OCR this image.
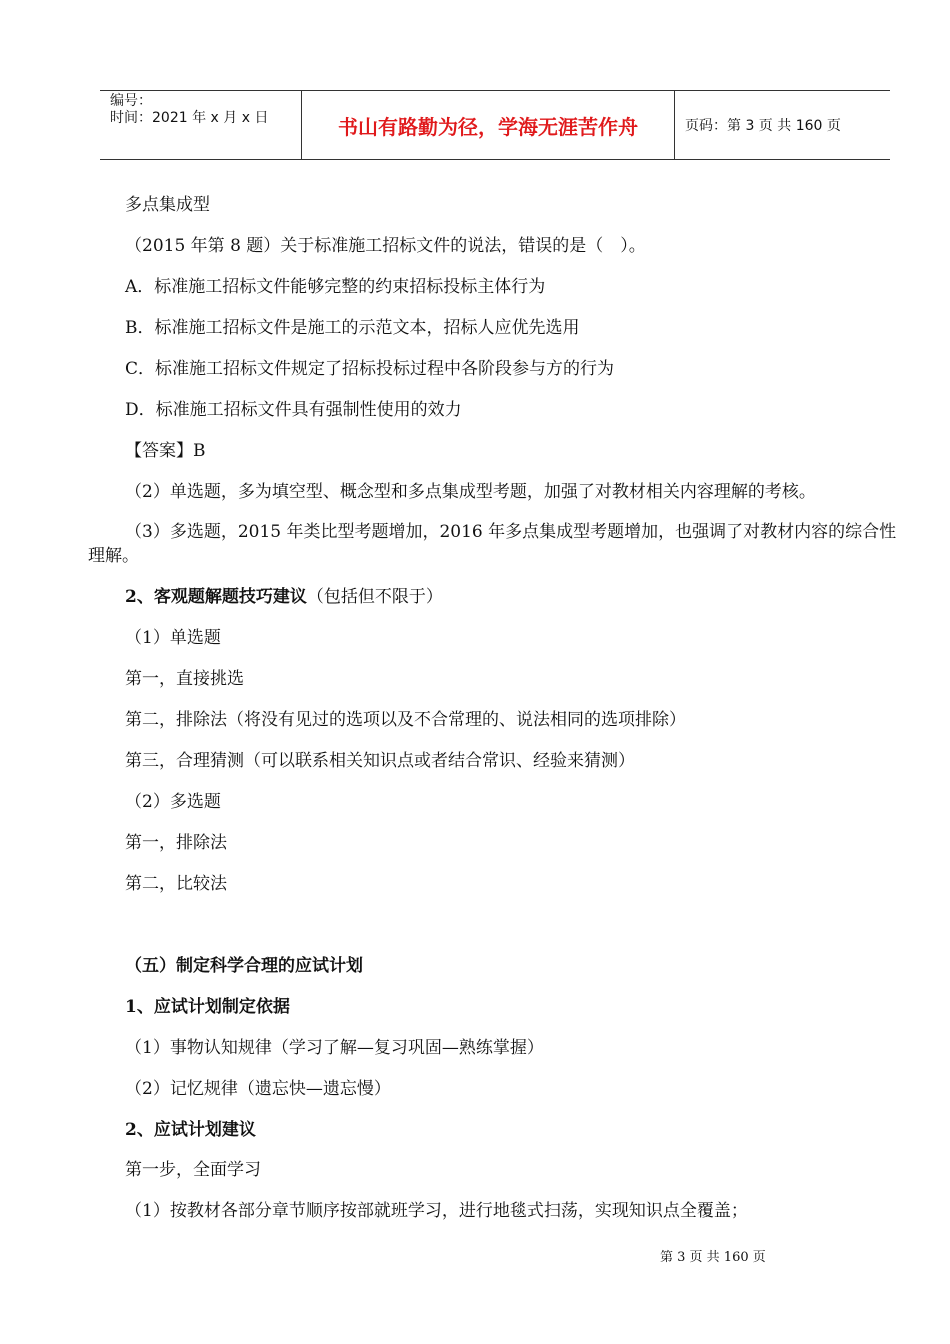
编号：
时间：2021 年 x 月 x 日	书山有路勤为径，学海无涯苦作舟	页码：第 3 页 共 160 页
多点集成型
（2015 年第 8 题）关于标准施工招标文件的说法，错误的是（　）。
A．标准施工招标文件能够完整的约束招标投标主体行为
B．标准施工招标文件是施工的示范文本，招标人应优先选用
C．标准施工招标文件规定了招标投标过程中各阶段参与方的行为
D．标准施工招标文件具有强制性使用的效力
【答案】B
（2）单选题，多为填空型、概念型和多点集成型考题，加强了对教材相关内容理解的考核。
（3）多选题，2015 年类比型考题增加，2016 年多点集成型考题增加，也强调了对教材内容的综合性理解。
2、客观题解题技巧建议（包括但不限于）
（1）单选题
第一，直接挑选
第二，排除法（将没有见过的选项以及不合常理的、说法相同的选项排除）
第三，合理猜测（可以联系相关知识点或者结合常识、经验来猜测）
（2）多选题
第一，排除法
第二，比较法
（五）制定科学合理的应试计划
1、应试计划制定依据
（1）事物认知规律（学习了解—复习巩固—熟练掌握）
（2）记忆规律（遗忘快—遗忘慢）
2、应试计划建议
第一步，全面学习
（1）按教材各部分章节顺序按部就班学习，进行地毯式扫荡，实现知识点全覆盖；
第 3 页 共 160 页
